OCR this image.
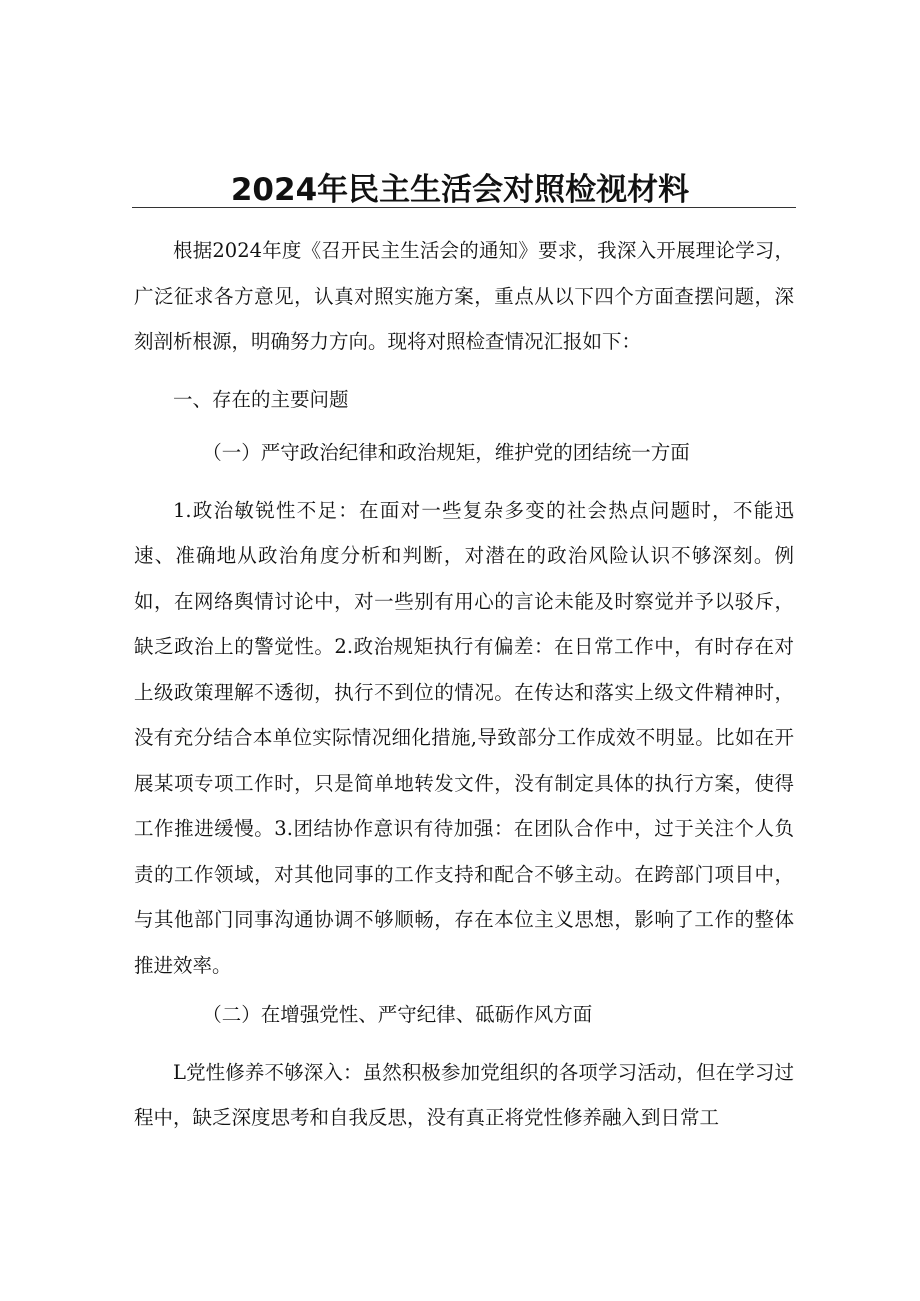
2024年民主生活会对照检视材料

根据2024年度《召开民主生活会的通知》要求，我深入开展理论学习，广泛征求各方意见，认真对照实施方案，重点从以下四个方面查摆问题，深刻剖析根源，明确努力方向。现将对照检查情况汇报如下：

一、存在的主要问题

（一）严守政治纪律和政治规矩，维护党的团结统一方面

1.政治敏锐性不足：在面对一些复杂多变的社会热点问题时，不能迅速、准确地从政治角度分析和判断，对潜在的政治风险认识不够深刻。例如，在网络舆情讨论中，对一些别有用心的言论未能及时察觉并予以驳斥，缺乏政治上的警觉性。2.政治规矩执行有偏差：在日常工作中，有时存在对上级政策理解不透彻，执行不到位的情况。在传达和落实上级文件精神时，没有充分结合本单位实际情况细化措施,导致部分工作成效不明显。比如在开展某项专项工作时，只是简单地转发文件，没有制定具体的执行方案，使得工作推进缓慢。3.团结协作意识有待加强：在团队合作中，过于关注个人负责的工作领域，对其他同事的工作支持和配合不够主动。在跨部门项目中，与其他部门同事沟通协调不够顺畅，存在本位主义思想，影响了工作的整体推进效率。

（二）在增强党性、严守纪律、砥砺作风方面

L党性修养不够深入：虽然积极参加党组织的各项学习活动，但在学习过程中，缺乏深度思考和自我反思，没有真正将党性修养融入到日常工
